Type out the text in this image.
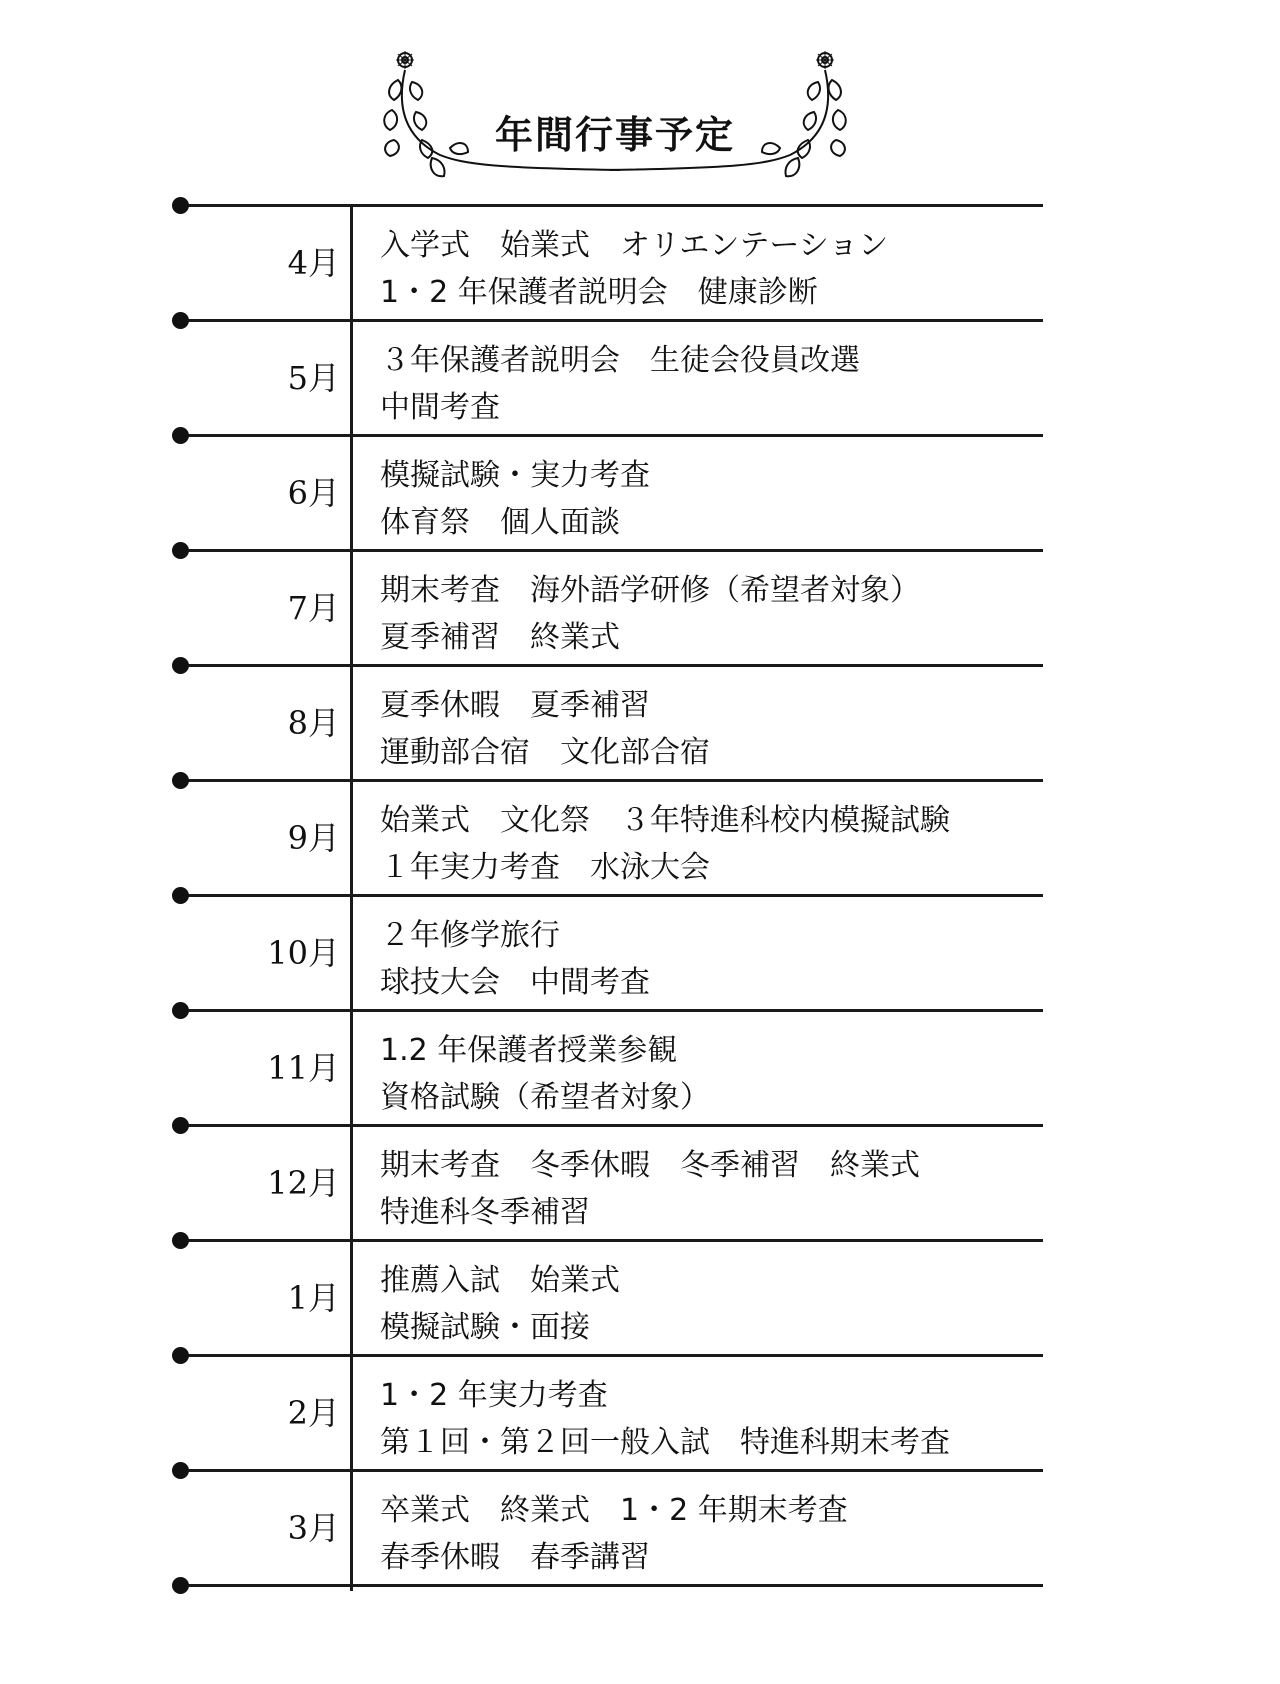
年間行事予定
4月 入学式　始業式　オリエンテーション
1・2 年保護者説明会　健康診断
5月 ３年保護者説明会　生徒会役員改選
中間考査
6月 模擬試験・実力考査
体育祭　個人面談
7月 期末考査　海外語学研修（希望者対象）
夏季補習　終業式
8月 夏季休暇　夏季補習
運動部合宿　文化部合宿
9月 始業式　文化祭　３年特進科校内模擬試験
１年実力考査　水泳大会
10月 ２年修学旅行
球技大会　中間考査
11月 1.2 年保護者授業参観
資格試験（希望者対象）
12月 期末考査　冬季休暇　冬季補習　終業式
特進科冬季補習
1月 推薦入試　始業式
模擬試験・面接
2月 1・2 年実力考査
第１回・第２回一般入試　特進科期末考査
3月 卒業式　終業式　1・2 年期末考査
春季休暇　春季講習
